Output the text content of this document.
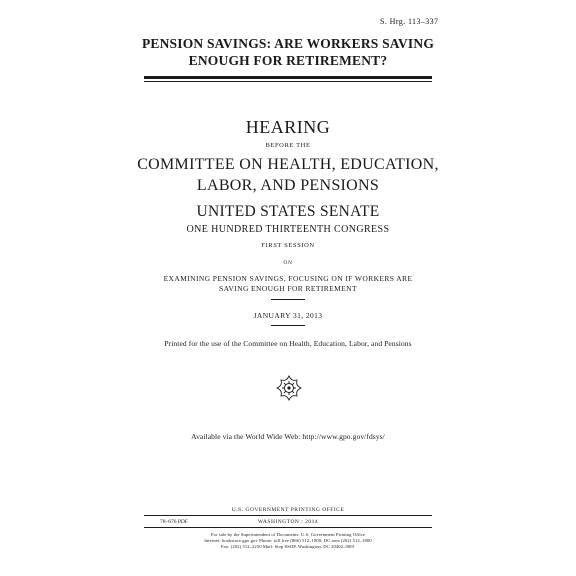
S. Hrg. 113–337
PENSION SAVINGS: ARE WORKERS SAVING
ENOUGH FOR RETIREMENT?
HEARING
BEFORE THE
COMMITTEE ON HEALTH, EDUCATION,
LABOR, AND PENSIONS
UNITED STATES SENATE
ONE HUNDRED THIRTEENTH CONGRESS
FIRST SESSION
ON
EXAMINING PENSION SAVINGS, FOCUSING ON IF WORKERS ARE
SAVING ENOUGH FOR RETIREMENT
JANUARY 31, 2013
Printed for the use of the Committee on Health, Education, Labor, and Pensions
Available via the World Wide Web: http://www.gpo.gov/fdsys/
U.S. GOVERNMENT PRINTING OFFICE
78–676 PDF	WASHINGTON : 2014
For sale by the Superintendent of Documents, U.S. Government Printing Office
Internet: bookstore.gpo.gov Phone: toll free (866) 512–1800; DC area (202) 512–1800
Fax: (202) 512–2250 Mail: Stop SSOP, Washington, DC 20402–0001
